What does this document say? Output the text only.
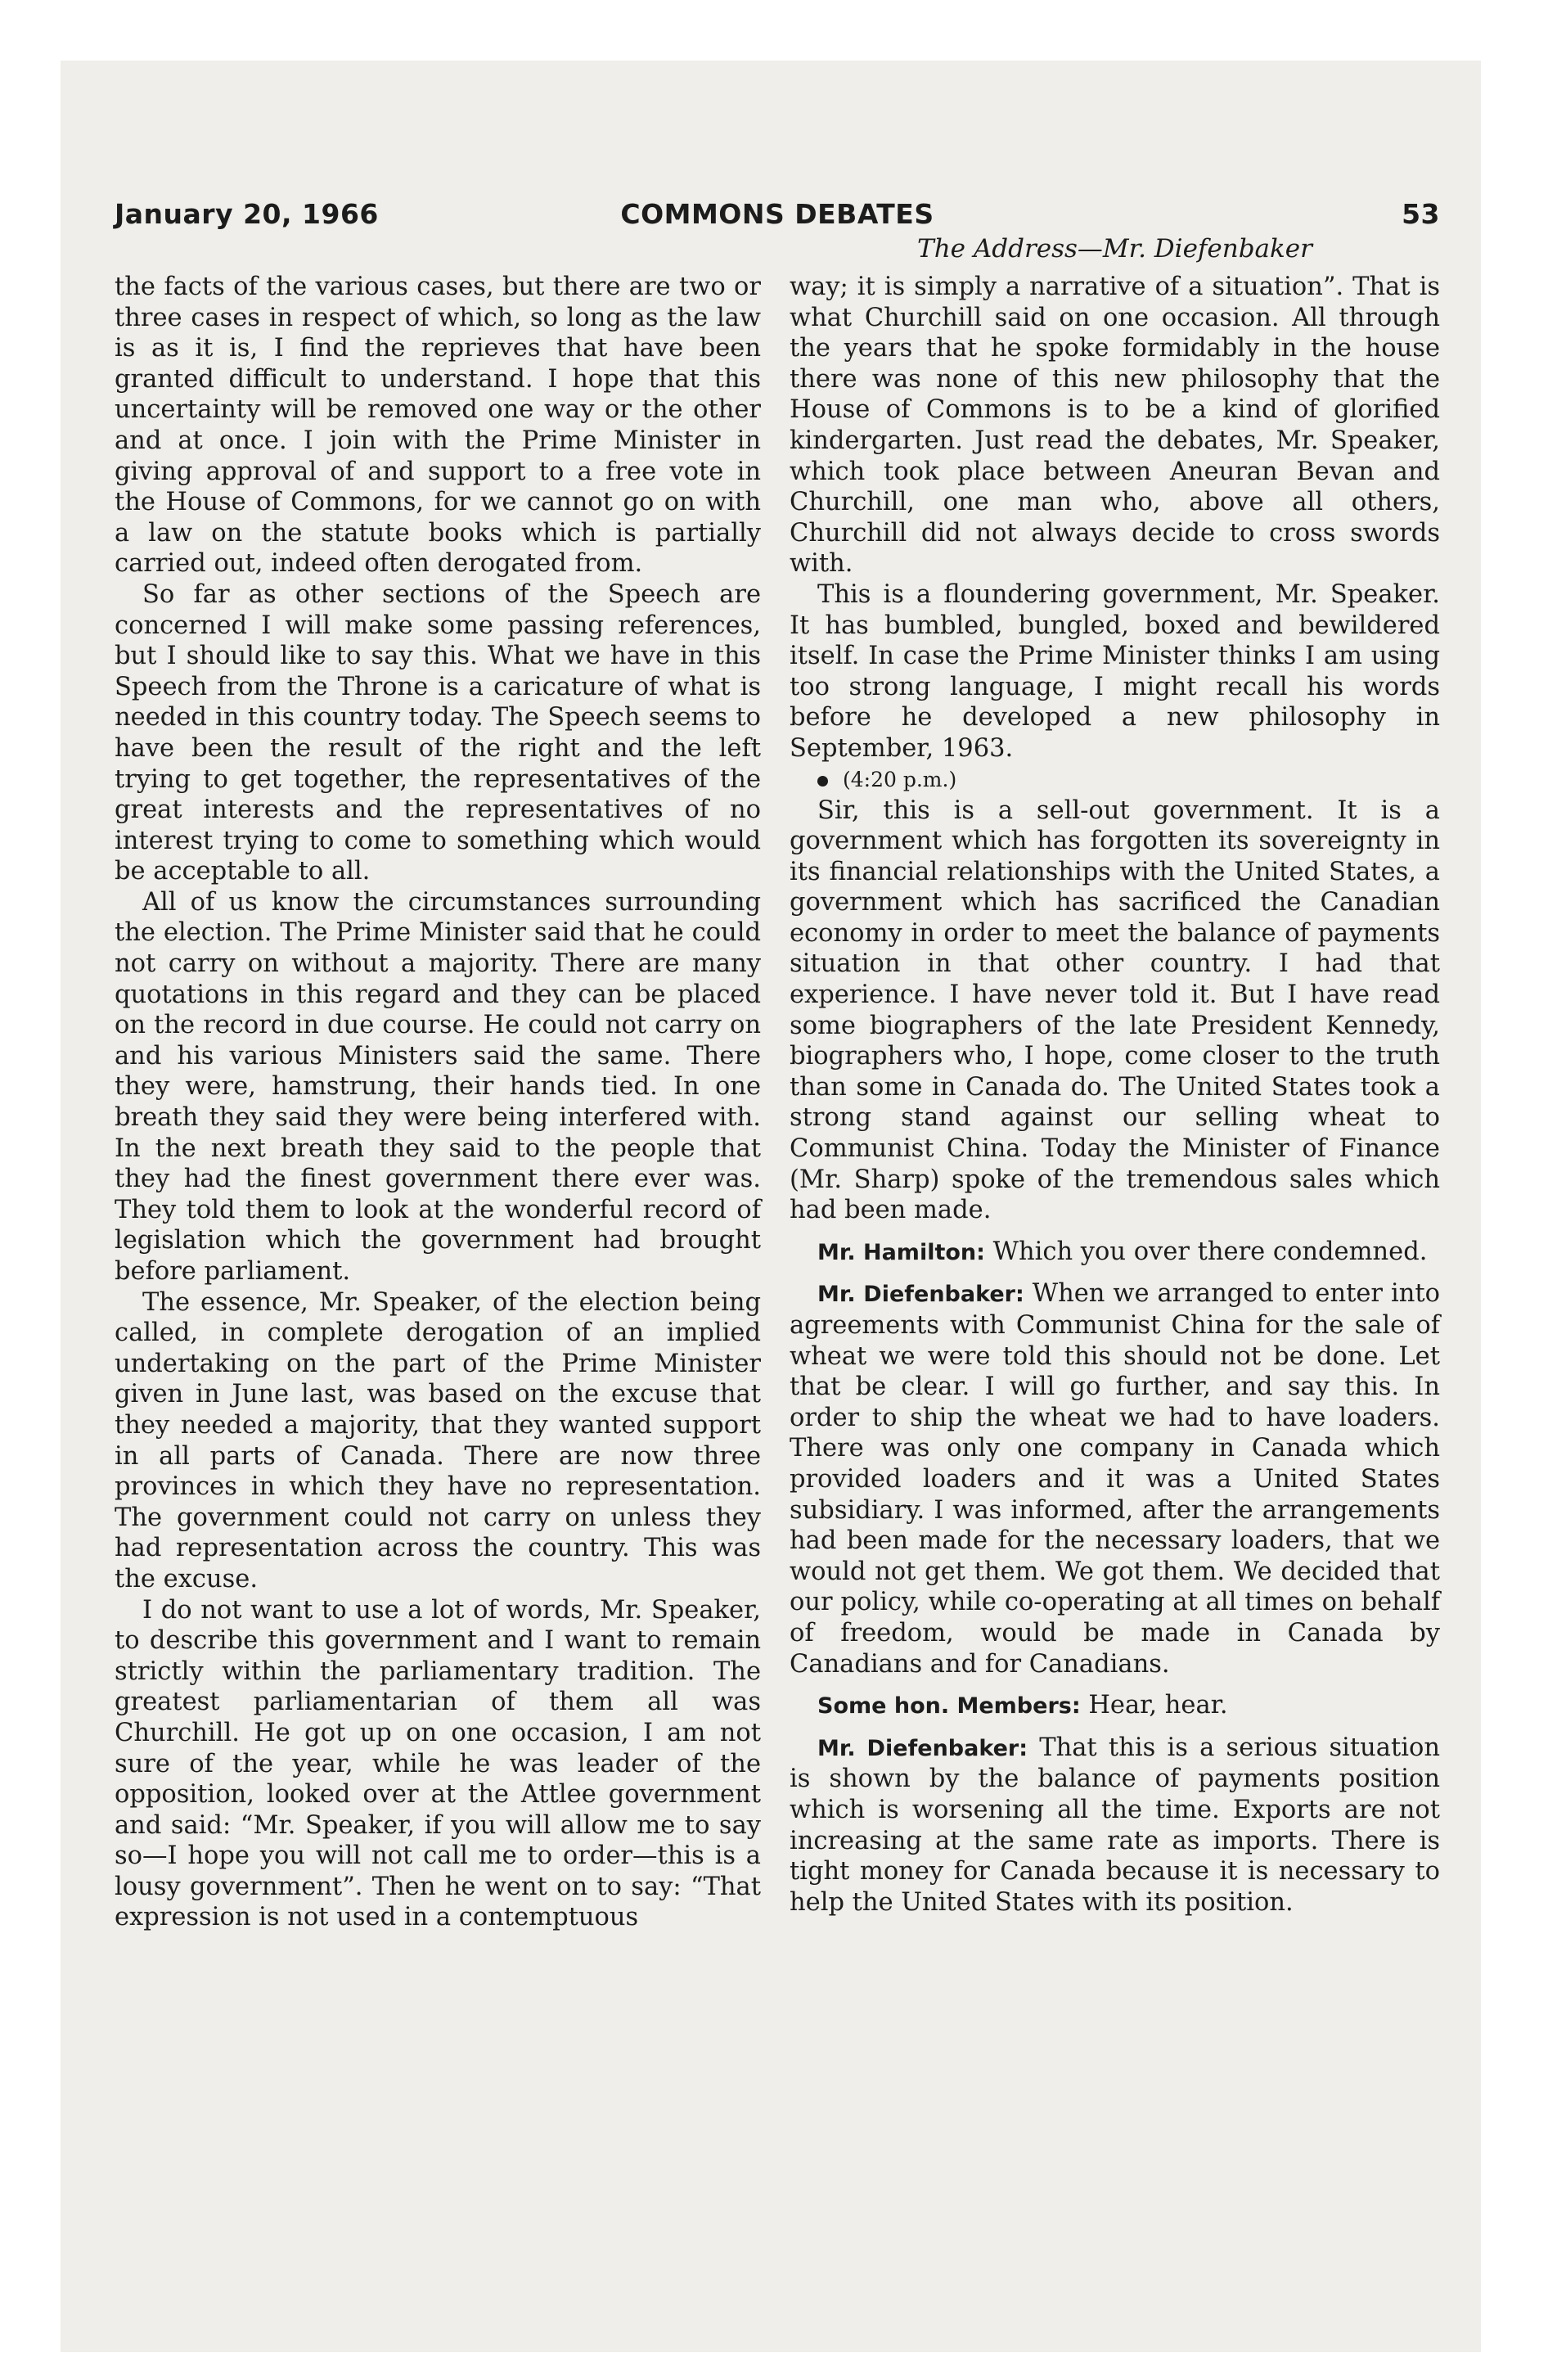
January 20, 1966	COMMONS DEBATES	53
The Address—Mr. Diefenbaker

the facts of the various cases, but there are two or three cases in respect of which, so long as the law is as it is, I find the reprieves that have been granted difficult to understand. I hope that this uncertainty will be removed one way or the other and at once. I join with the Prime Minister in giving approval of and support to a free vote in the House of Commons, for we cannot go on with a law on the statute books which is partially carried out, indeed often derogated from.

So far as other sections of the Speech are concerned I will make some passing references, but I should like to say this. What we have in this Speech from the Throne is a caricature of what is needed in this country today. The Speech seems to have been the result of the right and the left trying to get together, the representatives of the great interests and the representatives of no interest trying to come to something which would be acceptable to all.

All of us know the circumstances surrounding the election. The Prime Minister said that he could not carry on without a majority. There are many quotations in this regard and they can be placed on the record in due course. He could not carry on and his various Ministers said the same. There they were, hamstrung, their hands tied. In one breath they said they were being interfered with. In the next breath they said to the people that they had the finest government there ever was. They told them to look at the wonderful record of legislation which the government had brought before parliament.

The essence, Mr. Speaker, of the election being called, in complete derogation of an implied undertaking on the part of the Prime Minister given in June last, was based on the excuse that they needed a majority, that they wanted support in all parts of Canada. There are now three provinces in which they have no representation. The government could not carry on unless they had representation across the country. This was the excuse.

I do not want to use a lot of words, Mr. Speaker, to describe this government and I want to remain strictly within the parliamentary tradition. The greatest parliamentarian of them all was Churchill. He got up on one occasion, I am not sure of the year, while he was leader of the opposition, looked over at the Attlee government and said: “Mr. Speaker, if you will allow me to say so—I hope you will not call me to order—this is a lousy government”. Then he went on to say: “That expression is not used in a contemptuous

way; it is simply a narrative of a situation”. That is what Churchill said on one occasion. All through the years that he spoke formidably in the house there was none of this new philosophy that the House of Commons is to be a kind of glorified kindergarten. Just read the debates, Mr. Speaker, which took place between Aneuran Bevan and Churchill, one man who, above all others, Churchill did not always decide to cross swords with.

This is a floundering government, Mr. Speaker. It has bumbled, bungled, boxed and bewildered itself. In case the Prime Minister thinks I am using too strong language, I might recall his words before he developed a new philosophy in September, 1963.

(4:20 p.m.)

Sir, this is a sell-out government. It is a government which has forgotten its sovereignty in its financial relationships with the United States, a government which has sacrificed the Canadian economy in order to meet the balance of payments situation in that other country. I had that experience. I have never told it. But I have read some biographers of the late President Kennedy, biographers who, I hope, come closer to the truth than some in Canada do. The United States took a strong stand against our selling wheat to Communist China. Today the Minister of Finance (Mr. Sharp) spoke of the tremendous sales which had been made.

Mr. Hamilton: Which you over there condemned.

Mr. Diefenbaker: When we arranged to enter into agreements with Communist China for the sale of wheat we were told this should not be done. Let that be clear. I will go further, and say this. In order to ship the wheat we had to have loaders. There was only one company in Canada which provided loaders and it was a United States subsidiary. I was informed, after the arrangements had been made for the necessary loaders, that we would not get them. We got them. We decided that our policy, while co-operating at all times on behalf of freedom, would be made in Canada by Canadians and for Canadians.

Some hon. Members: Hear, hear.

Mr. Diefenbaker: That this is a serious situation is shown by the balance of payments position which is worsening all the time. Exports are not increasing at the same rate as imports. There is tight money for Canada because it is necessary to help the United States with its position.
